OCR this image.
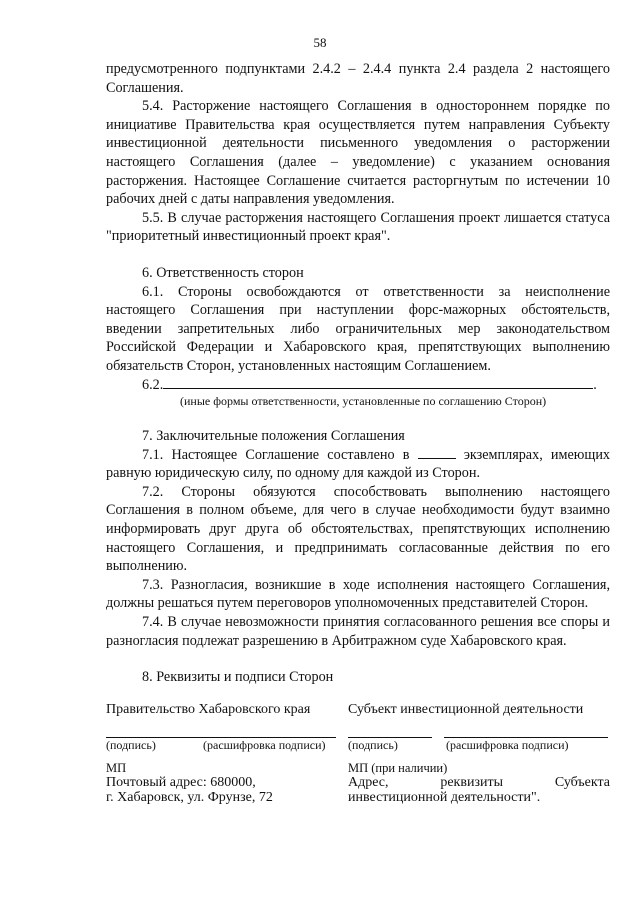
58

предусмотренного подпунктами 2.4.2 – 2.4.4 пункта 2.4 раздела 2 настоящего Соглашения.

5.4. Расторжение настоящего Соглашения в одностороннем порядке по инициативе Правительства края осуществляется путем направления Субъекту инвестиционной деятельности письменного уведомления о расторжении настоящего Соглашения (далее – уведомление) с указанием основания расторжения. Настоящее Соглашение считается расторгнутым по истечении 10 рабочих дней с даты направления уведомления.

5.5. В случае расторжения настоящего Соглашения проект лишается статуса "приоритетный инвестиционный проект края".

6. Ответственность сторон

6.1. Стороны освобождаются от ответственности за неисполнение настоящего Соглашения при наступлении форс-мажорных обстоятельств, введении запретительных либо ограничительных мер законодательством Российской Федерации и Хабаровского края, препятствующих выполнению обязательств Сторон, установленных настоящим Соглашением.

6.2.	.

(иные формы ответственности, установленные по соглашению Сторон)

7. Заключительные положения Соглашения

7.1. Настоящее Соглашение составлено в	экземплярах, имеющих равную юридическую силу, по одному для каждой из Сторон.

7.2. Стороны обязуются способствовать выполнению настоящего Соглашения в полном объеме, для чего в случае необходимости будут взаимно информировать друг друга об обстоятельствах, препятствующих исполнению настоящего Соглашения, и предпринимать согласованные действия по его выполнению.

7.3. Разногласия, возникшие в ходе исполнения настоящего Соглашения, должны решаться путем переговоров уполномоченных представителей Сторон.

7.4. В случае невозможности принятия согласованного решения все споры и разногласия подлежат разрешению в Арбитражном суде Хабаровского края.

8. Реквизиты и подписи Сторон

Правительство Хабаровского края
(подпись)	(расшифровка подписи)
МП
Почтовый адрес: 680000,
г. Хабаровск, ул. Фрунзе, 72
Субъект инвестиционной деятельности
(подпись)	(расшифровка подписи)
МП (при наличии)
Адрес,	реквизиты	Субъекта
инвестиционной деятельности".
